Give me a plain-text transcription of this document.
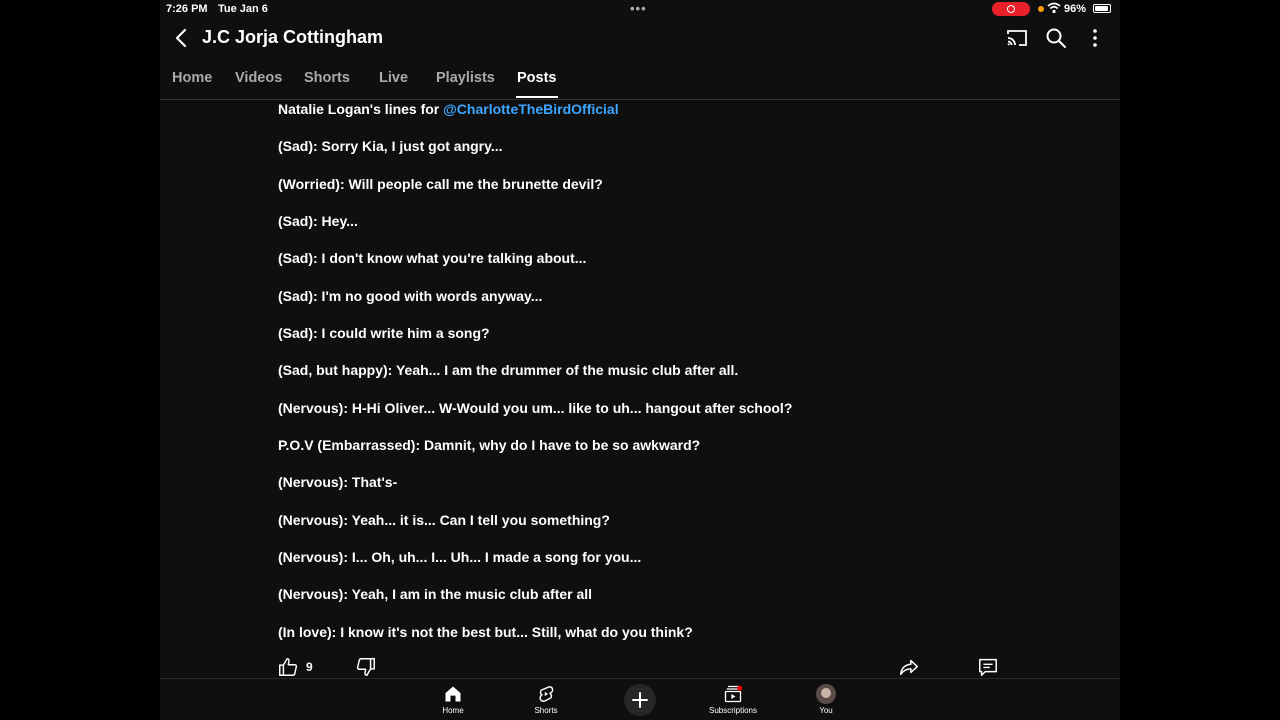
7:26 PM Tue Jan 6	•••	96%
J.C Jorja Cottingham
Home Videos Shorts Live Playlists Posts
Natalie Logan's lines for @CharlotteTheBirdOfficial
(Sad): Sorry Kia, I just got angry...
(Worried): Will people call me the brunette devil?
(Sad): Hey...
(Sad): I don't know what you're talking about...
(Sad): I'm no good with words anyway...
(Sad): I could write him a song?
(Sad, but happy): Yeah... I am the drummer of the music club after all.
(Nervous): H-Hi Oliver... W-Would you um... like to uh... hangout after school?
P.O.V (Embarrassed): Damnit, why do I have to be so awkward?
(Nervous): That's-
(Nervous): Yeah... it is... Can I tell you something?
(Nervous): I... Oh, uh... I... Uh... I made a song for you...
(Nervous): Yeah, I am in the music club after all
(In love): I know it's not the best but... Still, what do you think?
9
Home	Shorts	Subscriptions	You
